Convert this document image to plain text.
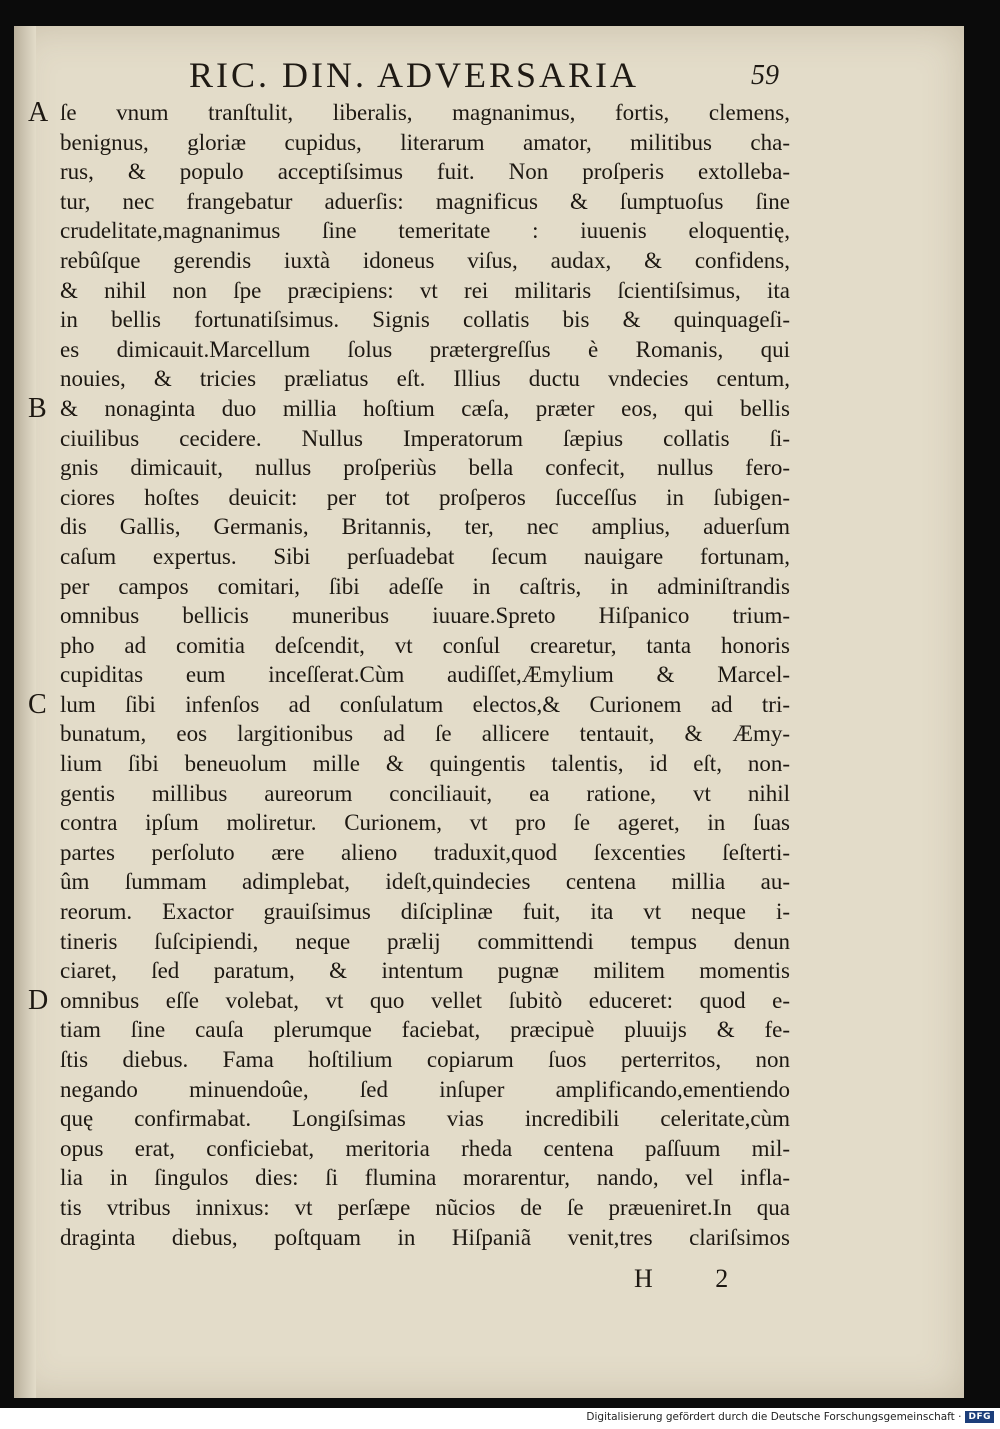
RIC. DIN. ADVERSARIA	59
A ſe vnum tranſtulit, liberalis, magnanimus, fortis, clemens,
benignus, gloriæ cupidus, literarum amator, militibus cha-
rus, & populo acceptiſsimus fuit. Non proſperis extolleba-
tur, nec frangebatur aduerſis: magnificus & ſumptuoſus ſine
crudelitate,magnanimus ſine temeritate : iuuenis eloquentię,
rebûſque gerendis iuxtà idoneus viſus, audax, & confidens,
& nihil non ſpe præcipiens: vt rei militaris ſcientiſsimus, ita
in bellis fortunatiſsimus. Signis collatis bis & quinquageſi-
es dimicauit.Marcellum ſolus prætergreſſus è Romanis, qui
nouies, & tricies præliatus eſt. Illius ductu vndecies centum,
B & nonaginta duo millia hoſtium cæſa, præter eos, qui bellis
ciuilibus cecidere. Nullus Imperatorum ſæpius collatis ſi-
gnis dimicauit, nullus proſperiùs bella confecit, nullus fero-
ciores hoſtes deuicit: per tot proſperos ſucceſſus in ſubigen-
dis Gallis, Germanis, Britannis, ter, nec amplius, aduerſum
caſum expertus. Sibi perſuadebat ſecum nauigare fortunam,
per campos comitari, ſibi adeſſe in caſtris, in adminiſtrandis
omnibus bellicis muneribus iuuare.Spreto Hiſpanico trium-
pho ad comitia deſcendit, vt conſul crearetur, tanta honoris
cupiditas eum inceſſerat.Cùm audiſſet,Æmylium & Marcel-
C lum ſibi infenſos ad conſulatum electos,& Curionem ad tri-
bunatum, eos largitionibus ad ſe allicere tentauit, & Æmy-
lium ſibi beneuolum mille & quingentis talentis, id eſt, non-
gentis millibus aureorum conciliauit, ea ratione, vt nihil
contra ipſum moliretur. Curionem, vt pro ſe ageret, in ſuas
partes perſoluto ære alieno traduxit,quod ſexcenties ſeſterti-
ûm ſummam adimplebat, ideſt,quindecies centena millia au-
reorum. Exactor grauiſsimus diſciplinæ fuit, ita vt neque i-
tineris ſuſcipiendi, neque prælij committendi tempus denun
ciaret, ſed paratum, & intentum pugnæ militem momentis
D omnibus eſſe volebat, vt quo vellet ſubitò educeret: quod e-
tiam ſine cauſa plerumque faciebat, præcipuè pluuijs & fe-
ſtis diebus. Fama hoſtilium copiarum ſuos perterritos, non
negando minuendoûe, ſed inſuper amplificando,ementiendo
quę confirmabat. Longiſsimas vias incredibili celeritate,cùm
opus erat, conficiebat, meritoria rheda centena paſſuum mil-
lia in ſingulos dies: ſi flumina morarentur, nando, vel infla-
tis vtribus innixus: vt perſæpe nũcios de ſe præueniret.In qua
draginta diebus, poſtquam in Hiſpaniã venit,tres clariſsimos
H 2
Digitalisierung gefördert durch die Deutsche Forschungsgemeinschaft · DFG
